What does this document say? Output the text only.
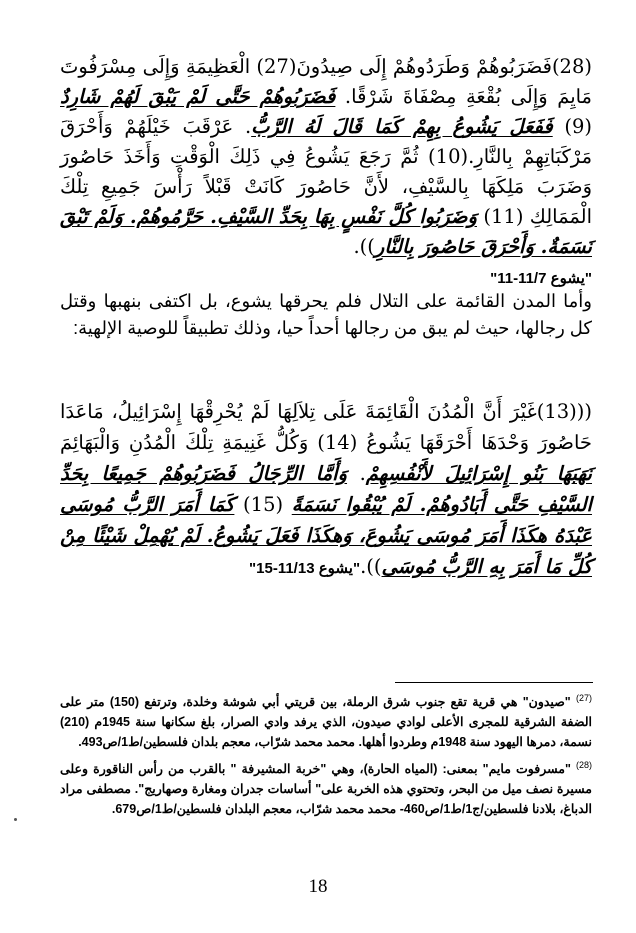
(28)فَضَرَبُوهُمْ وَطَرَدُوهُمْ إِلَى صِيدُونَ(27) الْعَظِيمَةِ وَإِلَى مِسْرَفُوتَ مَايِمَ وَإِلَى بُقْعَةِ مِصْفَاةَ شَرْقًا. فَضَرَبُوهُمْ حَتَّى لَمْ يَبْقَ لَهُمْ شَارِدٌ (9) فَفَعَلَ يَشُوعُ بِهِمْ كَمَا قَالَ لَهُ الرَّبُّ. عَرْقَبَ خَيْلَهُمْ وَأَحْرَقَ مَرْكَبَاتِهِمْ بِالنَّارِ.(10) ثُمَّ رَجَعَ يَشُوعُ فِي ذَلِكَ الْوَقْتِ وَأَخَذَ حَاصُورَ وَضَرَبَ مَلِكَهَا بِالسَّيْفِ، لأَنَّ حَاصُورَ كَانَتْ قَبْلاً رَأْسَ جَمِيعِ تِلْكَ الْمَمَالِكِ (11) وَضَرَبُوا كُلَّ نَفْسٍ بِهَا بِحَدِّ السَّيْفِ. حَرَّمُوهُمْ. وَلَمْ تَبْقَ نَسَمَةٌ. وَأَحْرَقَ حَاصُورَ بِالنَّارِ)).
"يشوع 11/7-11"
وأما المدن القائمة على التلال فلم يحرقها يشوع، بل اكتفى بنهبها وقتل كل رجالها، حيث لم يبق من رجالها أحداً حيا، وذلك تطبيقاً للوصية الإلهية:
(((13)غَيْرَ أَنَّ الْمُدُنَ الْقَائِمَةَ عَلَى تِلاَلِهَا لَمْ يُحْرِقْهَا إِسْرَائِيلُ، مَاعَدَا حَاصُورَ وَحْدَهَا أَحْرَقَهَا يَشُوعُ (14) وَكُلُّ غَنِيمَةِ تِلْكَ الْمُدُنِ وَالْبَهَائِمَ نَهَبَهَا بَنُو إِسْرَائِيلَ لأَنْفُسِهِمْ. وَأَمَّا الرِّجَالُ فَضَرَبُوهُمْ جَمِيعًا بِحَدِّ السَّيْفِ حَتَّى أَبَادُوهُمْ. لَمْ يُبْقُوا نَسَمَةً (15) كَمَا أَمَرَ الرَّبُّ مُوسَى عَبْدَهُ هكَذَا أَمَرَ مُوسَى يَشُوعَ، وَهكَذَا فَعَلَ يَشُوعُ. لَمْ يُهْمِلْ شَيْئًا مِنْ كُلِّ مَا أَمَرَ بِهِ الرَّبُّ مُوسَى))."يشوع 11/13-15"
$^{(27)}$ "صيدون" هي قرية تقع جنوب شرق الرملة، بين قريتي أبي شوشة وخلدة، وترتفع (150) متر على الضفة الشرقية للمجرى الأعلى لوادي صيدون، الذي يرفد وادي الصرار، بلغ سكانها سنة 1945م (210) نسمة، دمرها اليهود سنة 1948م وطردوا أهلها. محمد محمد شرّاب، معجم بلدان فلسطين/ط1/ص493.
$^{(28)}$ "مسرفوت مايم" بمعنى: (المياه الحارة)، وهي "خربة المشيرفة " بالقرب من رأس الناقورة وعلى مسيرة نصف ميل من البحر، وتحتوي هذه الخربة على" أساسات جدران ومغارة وصهاريج". مصطفى مراد الدباغ، بلادنا فلسطين/ج1/ط1/ص460- محمد محمد شرّاب، معجم البلدان فلسطين/ط1/ص679.
18
